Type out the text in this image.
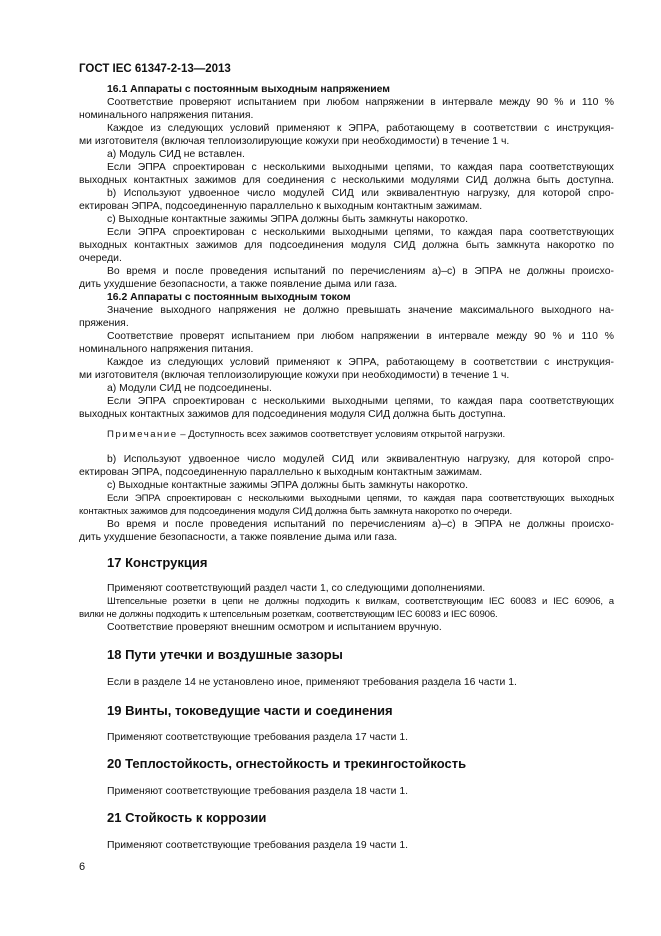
ГОСТ IEC 61347-2-13—2013
16.1 Аппараты с постоянным выходным напряжением
Соответствие проверяют испытанием при любом напряжении в интервале между 90 % и 110 %
номинального напряжения питания.
Каждое из следующих условий применяют к ЭПРА, работающему в соответствии с инструкция-
ми изготовителя (включая теплоизолирующие кожухи при необходимости) в течение 1 ч.
a) Модуль СИД не вставлен.
Если ЭПРА спроектирован с несколькими выходными цепями, то каждая пара соответствующих
выходных контактных зажимов для соединения с несколькими модулями СИД должна быть доступна.
b) Используют удвоенное число модулей СИД или эквивалентную нагрузку, для которой спро-
ектирован ЭПРА, подсоединенную параллельно к выходным контактным зажимам.
c) Выходные контактные зажимы ЭПРА должны быть замкнуты накоротко.
Если ЭПРА спроектирован с несколькими выходными цепями, то каждая пара соответствующих
выходных контактных зажимов для подсоединения модуля СИД должна быть замкнута накоротко по
очереди.
Во время и после проведения испытаний по перечислениям a)–c) в ЭПРА не должны происхо-
дить ухудшение безопасности, а также появление дыма или газа.
16.2 Аппараты с постоянным выходным током
Значение выходного напряжения не должно превышать значение максимального выходного на-
пряжения.
Соответствие проверят испытанием при любом напряжении в интервале между 90 % и 110 %
номинального напряжения питания.
Каждое из следующих условий применяют к ЭПРА, работающему в соответствии с инструкция-
ми изготовителя (включая теплоизолирующие кожухи при необходимости) в течение 1 ч.
a) Модули СИД не подсоединены.
Если ЭПРА спроектирован с несколькими выходными цепями, то каждая пара соответствующих
выходных контактных зажимов для подсоединения модуля СИД должна быть доступна.
Примечание – Доступность всех зажимов соответствует условиям открытой нагрузки.
b) Используют удвоенное число модулей СИД или эквивалентную нагрузку, для которой спро-
ектирован ЭПРА, подсоединенную параллельно к выходным контактным зажимам.
c) Выходные контактные зажимы ЭПРА должны быть замкнуты накоротко.
Если ЭПРА спроектирован с несколькими выходными цепями, то каждая пара соответствующих выходных
контактных зажимов для подсоединения модуля СИД должна быть замкнута накоротко по очереди.
Во время и после проведения испытаний по перечислениям a)–c) в ЭПРА не должны происхо-
дить ухудшение безопасности, а также появление дыма или газа.
17 Конструкция
Применяют соответствующий раздел части 1, со следующими дополнениями.
Штепсельные розетки в цепи не должны подходить к вилкам, соответствующим IEC 60083 и IEC 60906, а
вилки не должны подходить к штепсельным розеткам, соответствующим IEC 60083 и IEC 60906.
Соответствие проверяют внешним осмотром и испытанием вручную.
18 Пути утечки и воздушные зазоры
Если в разделе 14 не установлено иное, применяют требования раздела 16 части 1.
19 Винты, токоведущие части и соединения
Применяют соответствующие требования раздела 17 части 1.
20 Теплостойкость, огнестойкость и трекингостойкость
Применяют соответствующие требования раздела 18 части 1.
21 Стойкость к коррозии
Применяют соответствующие требования раздела 19 части 1.
6
